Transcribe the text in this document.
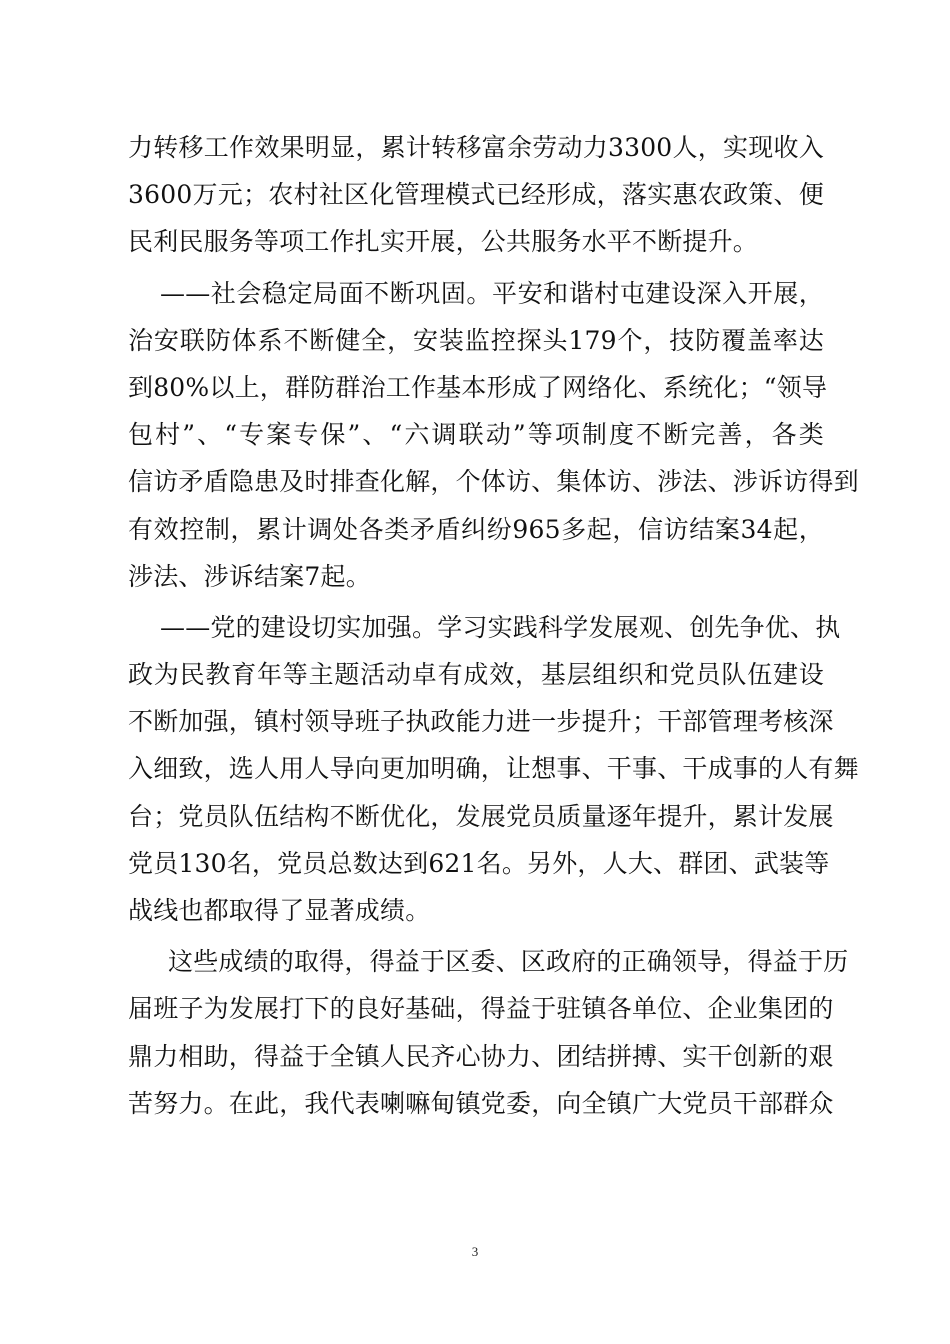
力转移工作效果明显，累计转移富余劳动力3300人，实现收入
3600万元；农村社区化管理模式已经形成，落实惠农政策、便
民利民服务等项工作扎实开展，公共服务水平不断提升。
——社会稳定局面不断巩固。平安和谐村屯建设深入开展，
治安联防体系不断健全，安装监控探头179个，技防覆盖率达
到80%以上，群防群治工作基本形成了网络化、系统化；“领导
包村”、“专案专保”、“六调联动”等项制度不断完善，各类
信访矛盾隐患及时排查化解，个体访、集体访、涉法、涉诉访得到
有效控制，累计调处各类矛盾纠纷965多起，信访结案34起，
涉法、涉诉结案7起。
——党的建设切实加强。学习实践科学发展观、创先争优、执
政为民教育年等主题活动卓有成效，基层组织和党员队伍建设
不断加强，镇村领导班子执政能力进一步提升；干部管理考核深
入细致，选人用人导向更加明确，让想事、干事、干成事的人有舞
台；党员队伍结构不断优化，发展党员质量逐年提升，累计发展
党员130名，党员总数达到621名。另外，人大、群团、武装等
战线也都取得了显著成绩。
这些成绩的取得，得益于区委、区政府的正确领导，得益于历
届班子为发展打下的良好基础，得益于驻镇各单位、企业集团的
鼎力相助，得益于全镇人民齐心协力、团结拼搏、实干创新的艰
苦努力。在此，我代表喇嘛甸镇党委，向全镇广大党员干部群众
3
